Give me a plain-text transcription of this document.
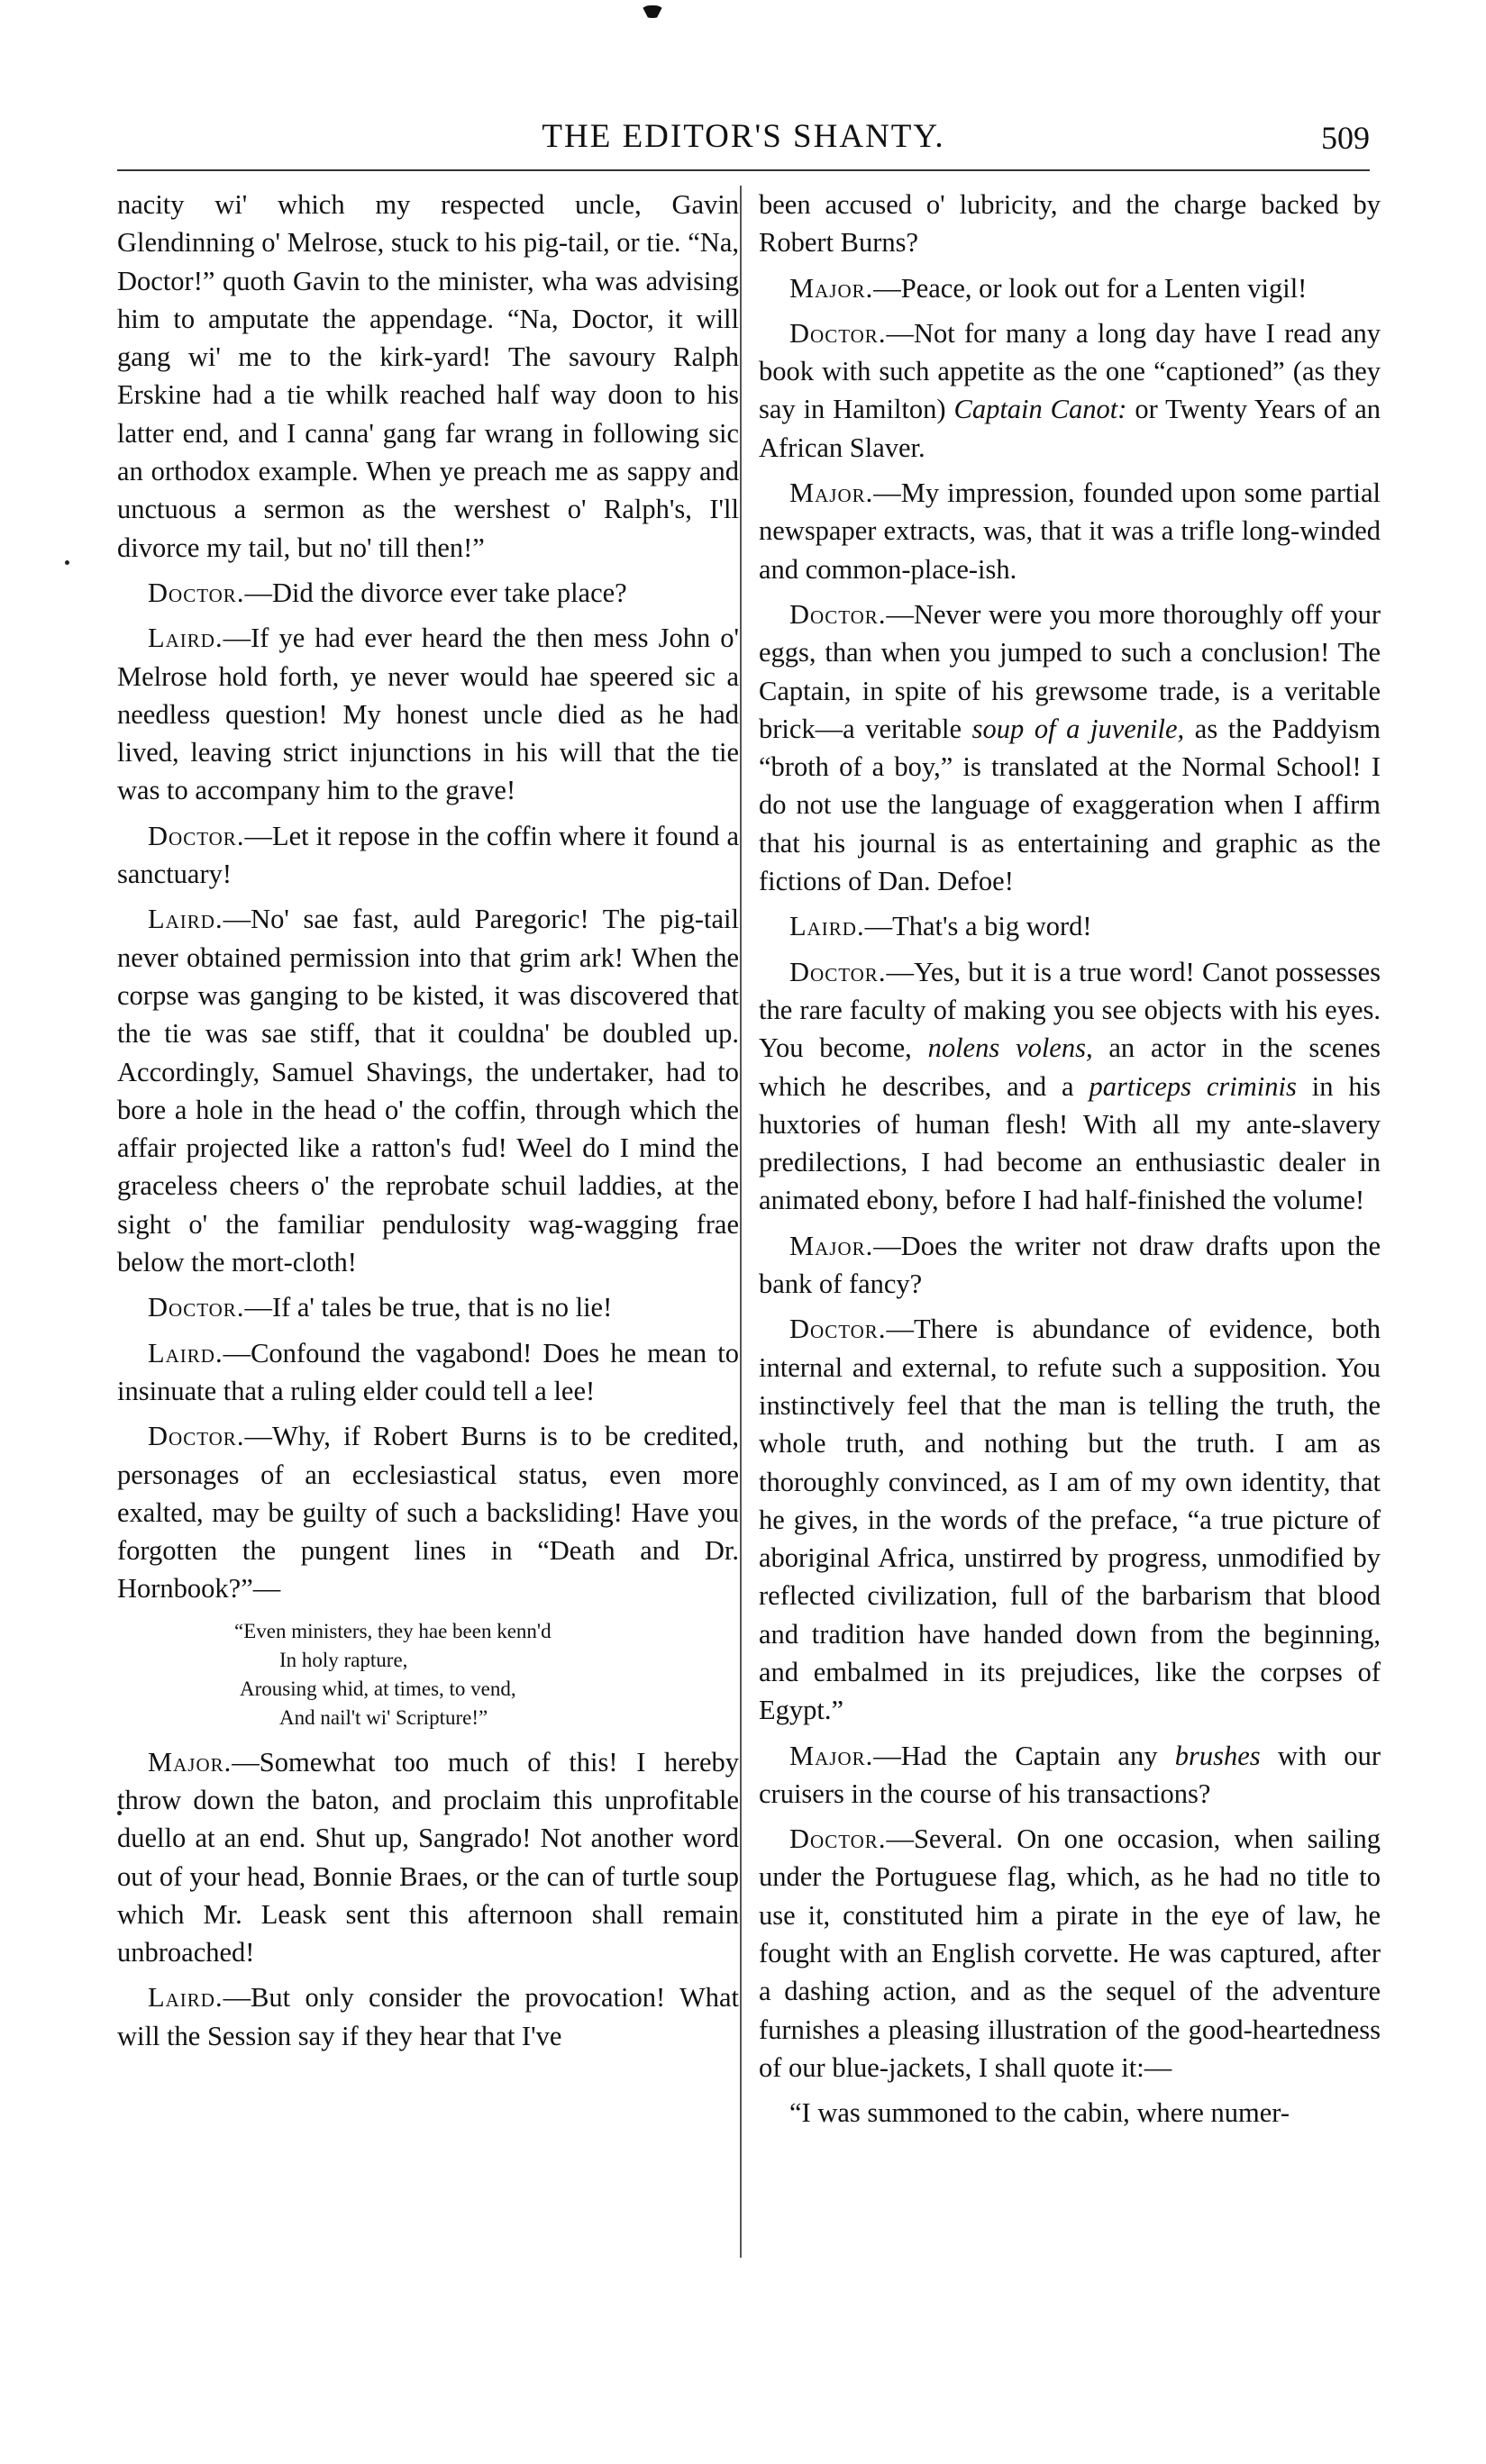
THE EDITOR'S SHANTY.	509

nacity wi' which my respected uncle, Gavin Glendinning o' Melrose, stuck to his pig-tail, or tie. “Na, Doctor!” quoth Gavin to the minister, wha was advising him to amputate the appendage. “Na, Doctor, it will gang wi' me to the kirk-yard! The savoury Ralph Erskine had a tie whilk reached half way doon to his latter end, and I canna' gang far wrang in following sic an orthodox example. When ye preach me as sappy and unctuous a sermon as the wershest o' Ralph's, I'll divorce my tail, but no' till then!”

Doctor.—Did the divorce ever take place?

Laird.—If ye had ever heard the then mess John o' Melrose hold forth, ye never would hae speered sic a needless question! My honest uncle died as he had lived, leaving strict injunctions in his will that the tie was to accompany him to the grave!

Doctor.—Let it repose in the coffin where it found a sanctuary!

Laird.—No' sae fast, auld Paregoric! The pig-tail never obtained permission into that grim ark! When the corpse was ganging to be kisted, it was discovered that the tie was sae stiff, that it couldna' be doubled up. Accordingly, Samuel Shavings, the undertaker, had to bore a hole in the head o' the coffin, through which the affair projected like a ratton's fud! Weel do I mind the graceless cheers o' the reprobate schuil laddies, at the sight o' the familiar pendulosity wag-wagging frae below the mort-cloth!

Doctor.—If a' tales be true, that is no lie!

Laird.—Confound the vagabond! Does he mean to insinuate that a ruling elder could tell a lee!

Doctor.—Why, if Robert Burns is to be credited, personages of an ecclesiastical status, even more exalted, may be guilty of such a backsliding! Have you forgotten the pungent lines in “Death and Dr. Hornbook?”—

“Even ministers, they hae been kenn'd
In holy rapture,
Arousing whid, at times, to vend,
And nail't wi' Scripture!”

Major.—Somewhat too much of this! I hereby throw down the baton, and proclaim this unprofitable duello at an end. Shut up, Sangrado! Not another word out of your head, Bonnie Braes, or the can of turtle soup which Mr. Leask sent this afternoon shall remain unbroached!

Laird.—But only consider the provocation! What will the Session say if they hear that I've

been accused o' lubricity, and the charge backed by Robert Burns?

Major.—Peace, or look out for a Lenten vigil!

Doctor.—Not for many a long day have I read any book with such appetite as the one “captioned” (as they say in Hamilton) Captain Canot: or Twenty Years of an African Slaver.

Major.—My impression, founded upon some partial newspaper extracts, was, that it was a trifle long-winded and common-place-ish.

Doctor.—Never were you more thoroughly off your eggs, than when you jumped to such a conclusion! The Captain, in spite of his grewsome trade, is a veritable brick—a veritable soup of a juvenile, as the Paddyism “broth of a boy,” is translated at the Normal School! I do not use the language of exaggeration when I affirm that his journal is as entertaining and graphic as the fictions of Dan. Defoe!

Laird.—That's a big word!

Doctor.—Yes, but it is a true word! Canot possesses the rare faculty of making you see objects with his eyes. You become, nolens volens, an actor in the scenes which he describes, and a particeps criminis in his huxtories of human flesh! With all my ante-slavery predilections, I had become an enthusiastic dealer in animated ebony, before I had half-finished the volume!

Major.—Does the writer not draw drafts upon the bank of fancy?

Doctor.—There is abundance of evidence, both internal and external, to refute such a supposition. You instinctively feel that the man is telling the truth, the whole truth, and nothing but the truth. I am as thoroughly convinced, as I am of my own identity, that he gives, in the words of the preface, “a true picture of aboriginal Africa, unstirred by progress, unmodified by reflected civilization, full of the barbarism that blood and tradition have handed down from the beginning, and embalmed in its prejudices, like the corpses of Egypt.”

Major.—Had the Captain any brushes with our cruisers in the course of his transactions?

Doctor.—Several. On one occasion, when sailing under the Portuguese flag, which, as he had no title to use it, constituted him a pirate in the eye of law, he fought with an English corvette. He was captured, after a dashing action, and as the sequel of the adventure furnishes a pleasing illustration of the good-heartedness of our blue-jackets, I shall quote it:—

“I was summoned to the cabin, where numer-
